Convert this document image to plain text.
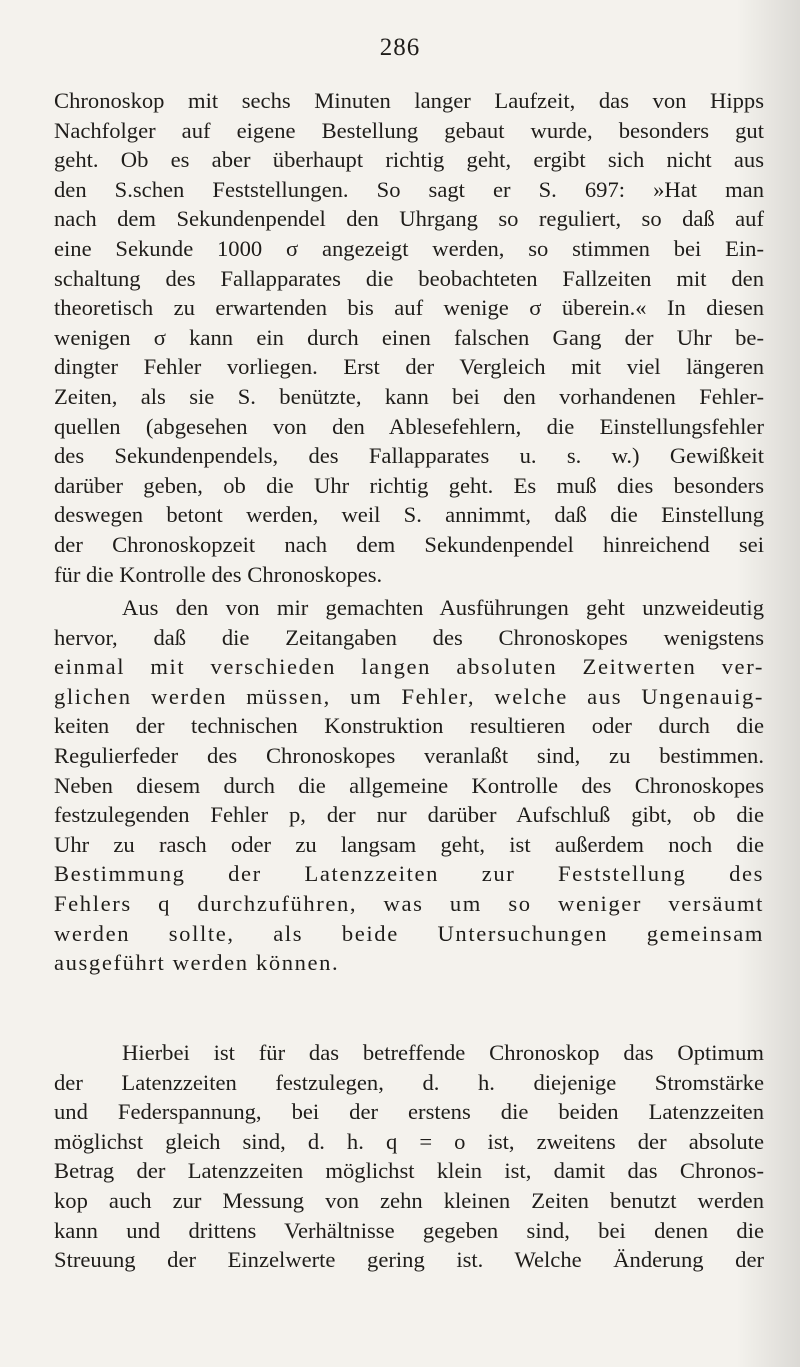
286
Chronoskop mit sechs Minuten langer Laufzeit, das von Hipps
Nachfolger auf eigene Bestellung gebaut wurde, besonders gut
geht. Ob es aber überhaupt richtig geht, ergibt sich nicht aus
den S.schen Feststellungen. So sagt er S. 697: »Hat man
nach dem Sekundenpendel den Uhrgang so reguliert, so daß auf
eine Sekunde 1000 σ angezeigt werden, so stimmen bei Ein-
schaltung des Fallapparates die beobachteten Fallzeiten mit den
theoretisch zu erwartenden bis auf wenige σ überein.« In diesen
wenigen σ kann ein durch einen falschen Gang der Uhr be-
dingter Fehler vorliegen. Erst der Vergleich mit viel längeren
Zeiten, als sie S. benützte, kann bei den vorhandenen Fehler-
quellen (abgesehen von den Ablesefehlern, die Einstellungsfehler
des Sekundenpendels, des Fallapparates u. s. w.) Gewißkeit
darüber geben, ob die Uhr richtig geht. Es muß dies besonders
deswegen betont werden, weil S. annimmt, daß die Einstellung
der Chronoskopzeit nach dem Sekundenpendel hinreichend sei
für die Kontrolle des Chronoskopes.
Aus den von mir gemachten Ausführungen geht unzweideutig
hervor, daß die Zeitangaben des Chronoskopes wenigstens
einmal mit verschieden langen absoluten Zeitwerten ver-
glichen werden müssen, um Fehler, welche aus Ungenauig-
keiten der technischen Konstruktion resultieren oder durch die
Regulierfeder des Chronoskopes veranlaßt sind, zu bestimmen.
Neben diesem durch die allgemeine Kontrolle des Chronoskopes
festzulegenden Fehler p, der nur darüber Aufschluß gibt, ob die
Uhr zu rasch oder zu langsam geht, ist außerdem noch die
Bestimmung der Latenzzeiten zur Feststellung des
Fehlers q durchzuführen, was um so weniger versäumt
werden sollte, als beide Untersuchungen gemeinsam
ausgeführt werden können.
Hierbei ist für das betreffende Chronoskop das Optimum
der Latenzzeiten festzulegen, d. h. diejenige Stromstärke
und Federspannung, bei der erstens die beiden Latenzzeiten
möglichst gleich sind, d. h. q = o ist, zweitens der absolute
Betrag der Latenzzeiten möglichst klein ist, damit das Chronos-
kop auch zur Messung von zehn kleinen Zeiten benutzt werden
kann und drittens Verhältnisse gegeben sind, bei denen die
Streuung der Einzelwerte gering ist. Welche Änderung der
